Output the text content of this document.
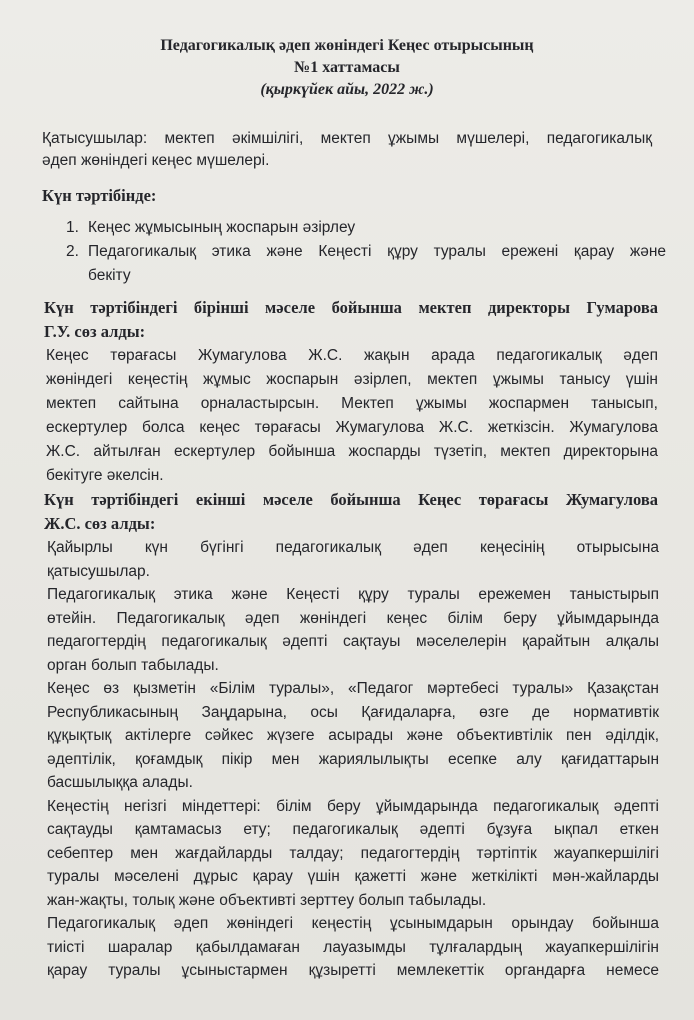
Педагогикалық әдеп жөніндегі Кеңес отырысының
№1 хаттамасы
(қыркүйек айы, 2022 ж.)
Қатысушылар: мектеп әкімшілігі, мектеп ұжымы мүшелері, педагогикалық
әдеп жөніндегі кеңес мүшелері.
Күн тәртібінде:
1. Кеңес жұмысының жоспарын әзірлеу
2. Педагогикалық этика және Кеңесті құру туралы ережені қарау және
бекіту
Күн тәртібіндегі бірінші мәселе бойынша мектеп директоры Гумарова
Г.У. сөз алды:
Кеңес төрағасы Жумагулова Ж.С. жақын арада педагогикалық әдеп
жөніндегі кеңестің жұмыс жоспарын әзірлеп, мектеп ұжымы танысу үшін
мектеп сайтына орналастырсын. Мектеп ұжымы жоспармен танысып,
ескертулер болса кеңес төрағасы Жумагулова Ж.С. жеткізсін. Жумагулова
Ж.С. айтылған ескертулер бойынша жоспарды түзетіп, мектеп директорына
бекітуге әкелсін.
Күн тәртібіндегі екінші мәселе бойынша Кеңес төрағасы Жумагулова
Ж.С. сөз алды:
Қайырлы күн бүгінгі педагогикалық әдеп кеңесінің отырысына
қатысушылар.
Педагогикалық этика және Кеңесті құру туралы ережемен таныстырып
өтейін. Педагогикалық әдеп жөніндегі кеңес білім беру ұйымдарында
педагогтердің педагогикалық әдепті сақтауы мәселелерін қарайтын алқалы
орган болып табылады.
Кеңес өз қызметін «Білім туралы», «Педагог мәртебесі туралы» Қазақстан
Республикасының Заңдарына, осы Қағидаларға, өзге де нормативтік
құқықтық актілерге сәйкес жүзеге асырады және объективтілік пен әділдік,
әдептілік, қоғамдық пікір мен жариялылықты есепке алу қағидаттарын
басшылыққа алады.
Кеңестің негізгі міндеттері: білім беру ұйымдарында педагогикалық әдепті
сақтауды қамтамасыз ету; педагогикалық әдепті бұзуға ықпал еткен
себептер мен жағдайларды талдау; педагогтердің тәртіптік жауапкершілігі
туралы мәселені дұрыс қарау үшін қажетті және жеткілікті мән-жайларды
жан-жақты, толық және объективті зерттеу болып табылады.
Педагогикалық әдеп жөніндегі кеңестің ұсынымдарын орындау бойынша
тиісті шаралар қабылдамаған лауазымды тұлғалардың жауапкершілігін
қарау туралы ұсыныстармен құзыретті мемлекеттік органдарға немесе
